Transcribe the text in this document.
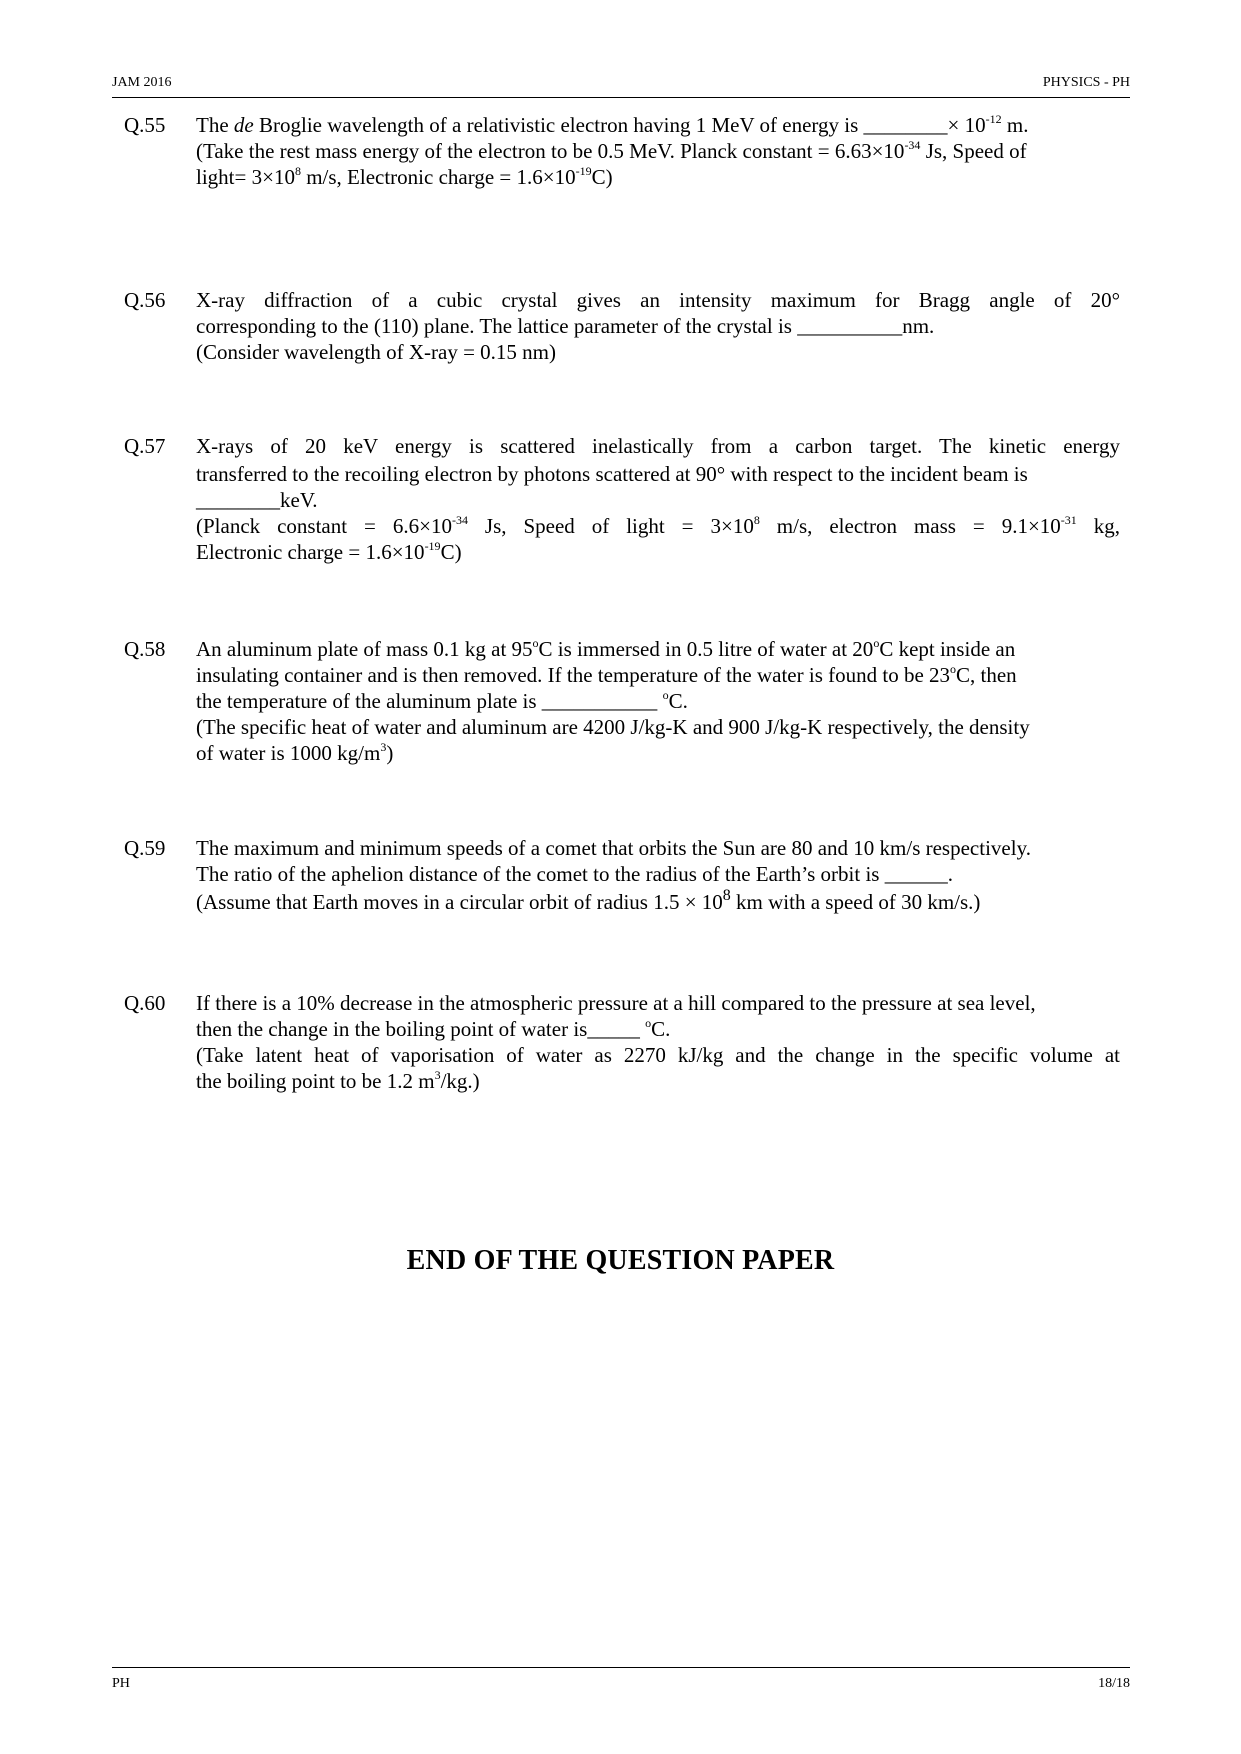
JAM 2016	PHYSICS - PH
Q.55	The de Broglie wavelength of a relativistic electron having 1 MeV of energy is ________× $10^{-12}$ m.
(Take the rest mass energy of the electron to be 0.5 MeV. Planck constant = $6.63\times 10^{-34}$ Js, Speed of
light= $3\times 10^8$ m/s, Electronic charge = $1.6\times 10^{-19}C$)
Q.56	X-ray diffraction of a cubic crystal gives an intensity maximum for Bragg angle of 20°
corresponding to the (110) plane. The lattice parameter of the crystal is __________nm.
(Consider wavelength of X-ray = 0.15 nm)
Q.57	X-rays of 20 keV energy is scattered inelastically from a carbon target. The kinetic energy
transferred to the recoiling electron by photons scattered at 90° with respect to the incident beam is
________keV.
(Planck constant = $6.6\times 10^{-34}$ Js, Speed of light = $3\times 10^8$ m/s, electron mass = $9.1\times 10^{-31}$ kg,
Electronic charge = $1.6\times 10^{-19}C$)
Q.58	An aluminum plate of mass 0.1 kg at 95$^o$C is immersed in 0.5 litre of water at 20$^o$C kept inside an
insulating container and is then removed. If the temperature of the water is found to be 23$^o$C, then
the temperature of the aluminum plate is ___________ $^o$C.
(The specific heat of water and aluminum are 4200 J/kg-K and 900 J/kg-K respectively, the density
of water is 1000 $kg/m^3$)
Q.59	The maximum and minimum speeds of a comet that orbits the Sun are 80 and 10 km/s respectively.
The ratio of the aphelion distance of the comet to the radius of the Earth’s orbit is ______.
(Assume that Earth moves in a circular orbit of radius $1.5 \times 10^8$ km with a speed of 30 km/s.)
Q.60	If there is a 10% decrease in the atmospheric pressure at a hill compared to the pressure at sea level,
then the change in the boiling point of water is_____ $^o$C.
(Take latent heat of vaporisation of water as 2270 kJ/kg and the change in the specific volume at
the boiling point to be 1.2 $m^3/kg$.)
END OF THE QUESTION PAPER
PH	18/18
